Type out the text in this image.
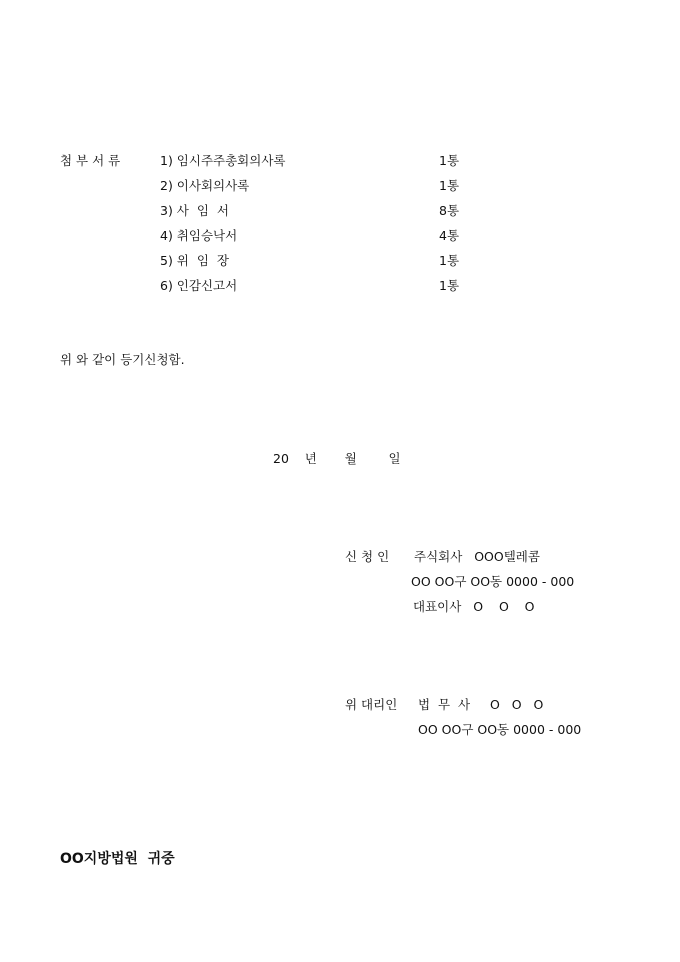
첨 부 서 류	1) 임시주주총회의사록	1통
2) 이사회의사록	1통
3) 사  임  서	8통
4) 취임승낙서	4통
5) 위  임  장	1통
6) 인감신고서	1통
위 와 같이 등기신청함.
20    년       월        일
신 청 인 주식회사   OOO텔레콤
OO OO구 OO동 0000 - 000
대표이사   O    O    O
위 대리인 법  무  사     O   O   O
OO OO구 OO동 0000 - 000
OO지방법원  귀중
